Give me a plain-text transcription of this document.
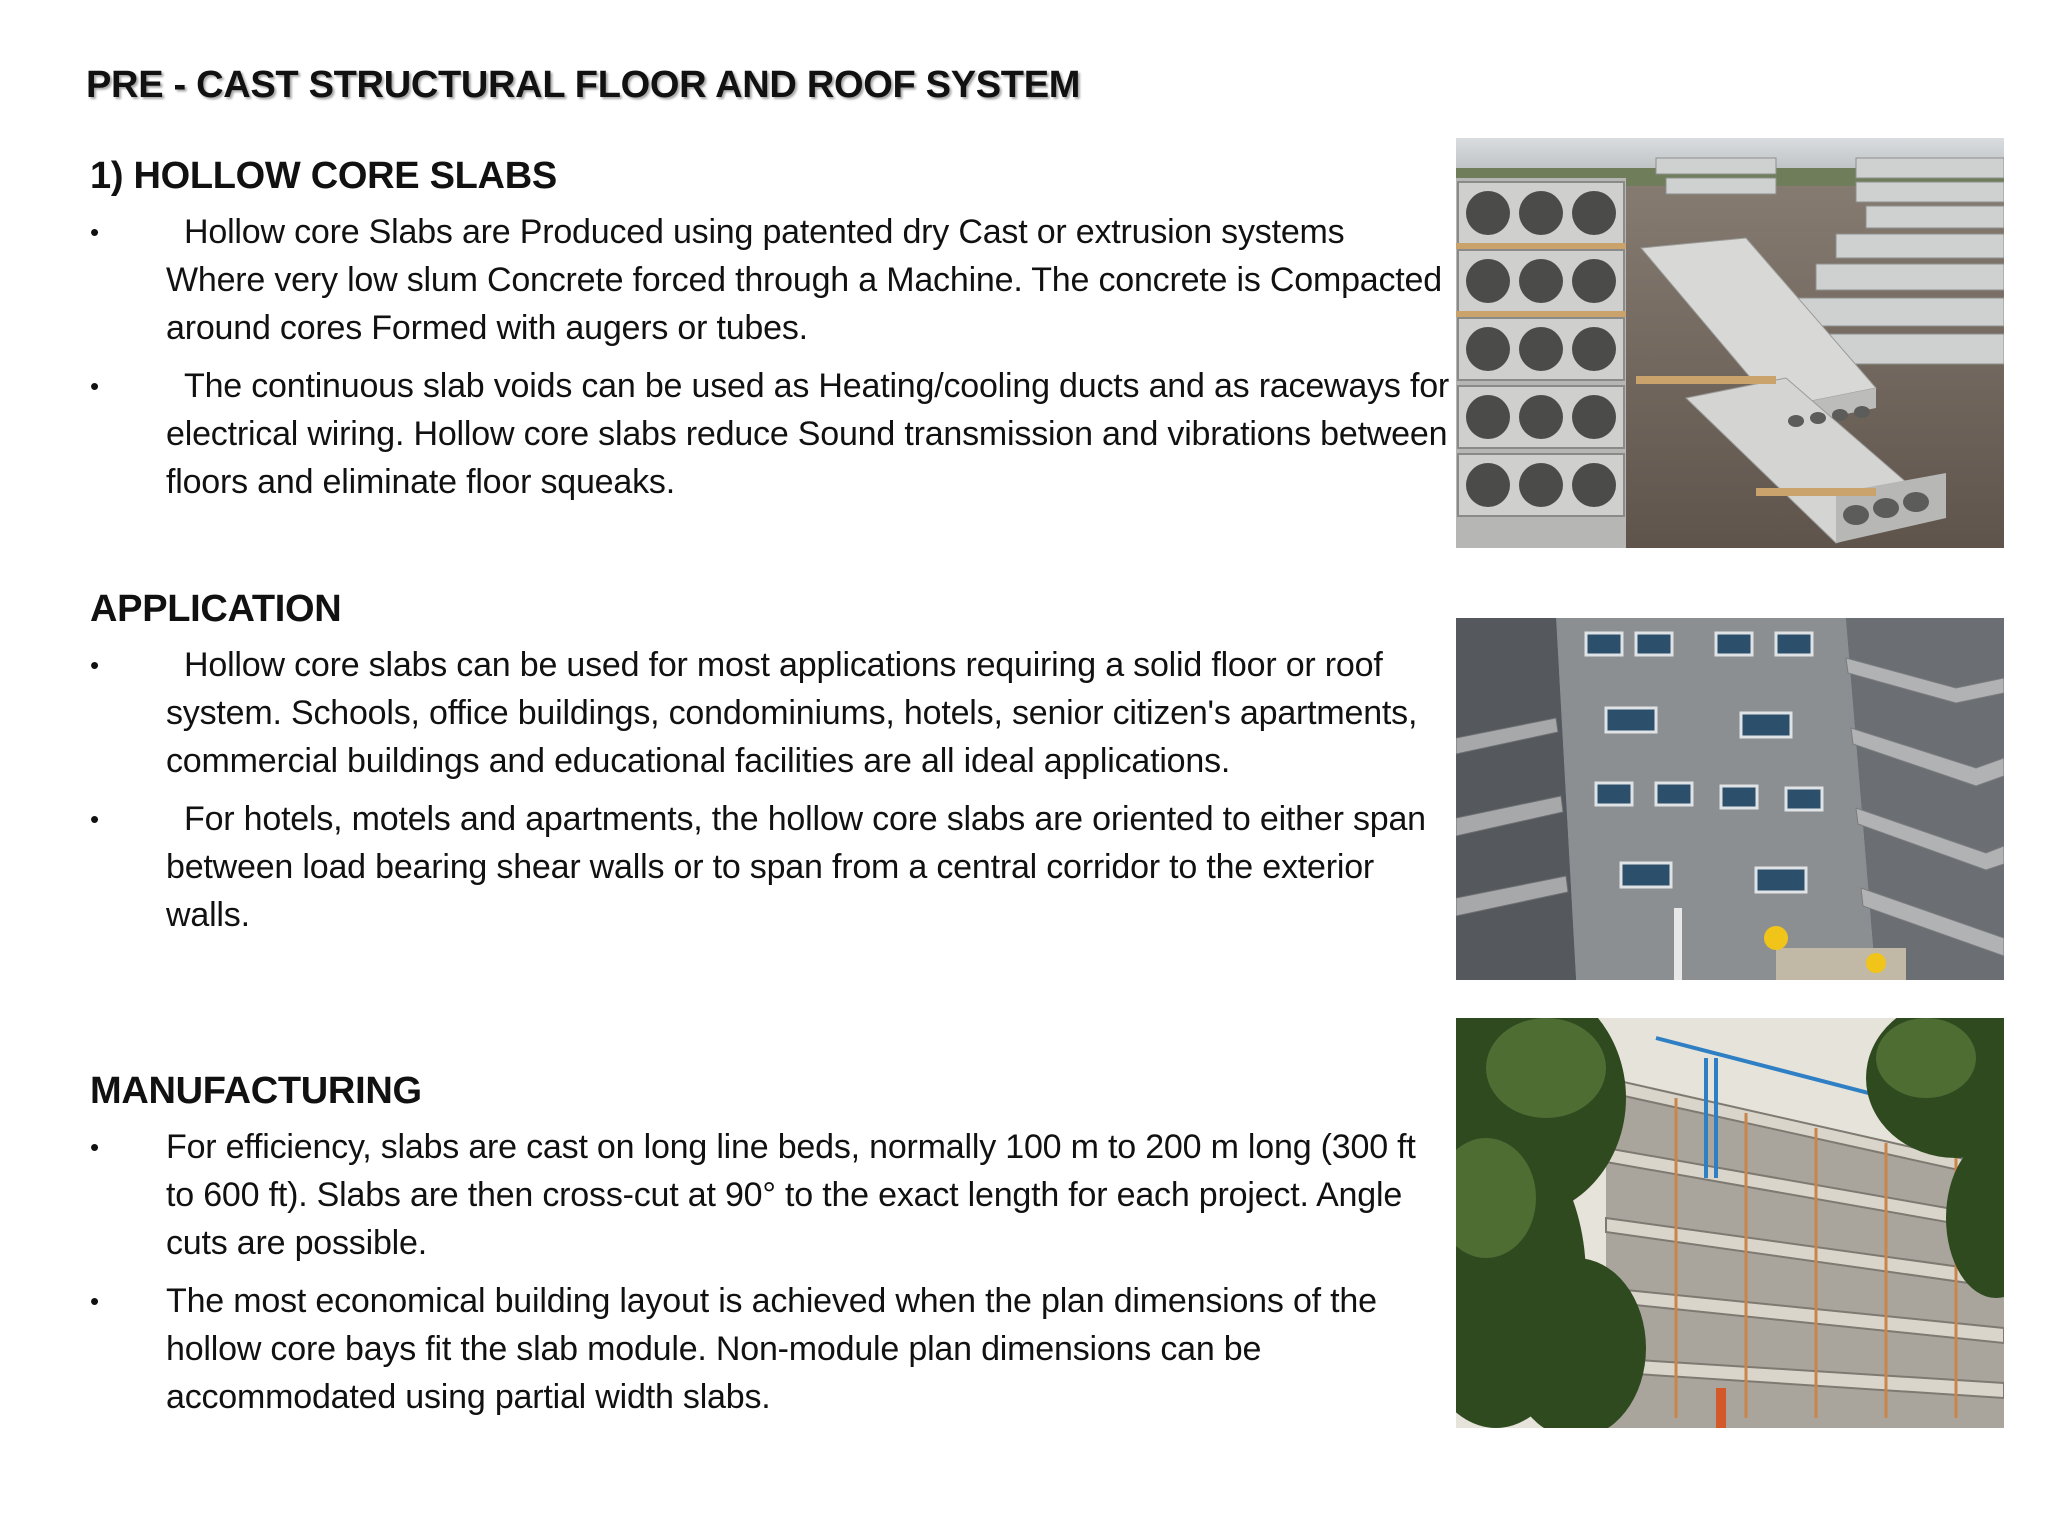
PRE - CAST STRUCTURAL FLOOR AND ROOF SYSTEM
1) HOLLOW CORE SLABS
•	Hollow core Slabs are Produced using patented dry Cast or extrusion systems Where very low slum Concrete forced through a Machine. The concrete is Compacted around cores Formed with augers or tubes.
•	The continuous slab voids can be used as Heating/cooling ducts and as raceways for electrical wiring. Hollow core slabs reduce Sound transmission and vibrations between floors and eliminate floor squeaks.
APPLICATION
•	Hollow core slabs can be used for most applications requiring a solid floor or roof system. Schools, office buildings, condominiums, hotels, senior citizen's apartments, commercial buildings and educational facilities are all ideal applications.
•	For hotels, motels and apartments, the hollow core slabs are oriented to either span between load bearing shear walls or to span from a central corridor to the exterior walls.
MANUFACTURING
•	For efficiency, slabs are cast on long line beds, normally 100 m to 200 m long (300 ft to 600 ft). Slabs are then cross-cut at 90° to the exact length for each project. Angle cuts are possible.
•	The most economical building layout is achieved when the plan dimensions of the hollow core bays fit the slab module. Non-module plan dimensions can be accommodated using partial width slabs.
